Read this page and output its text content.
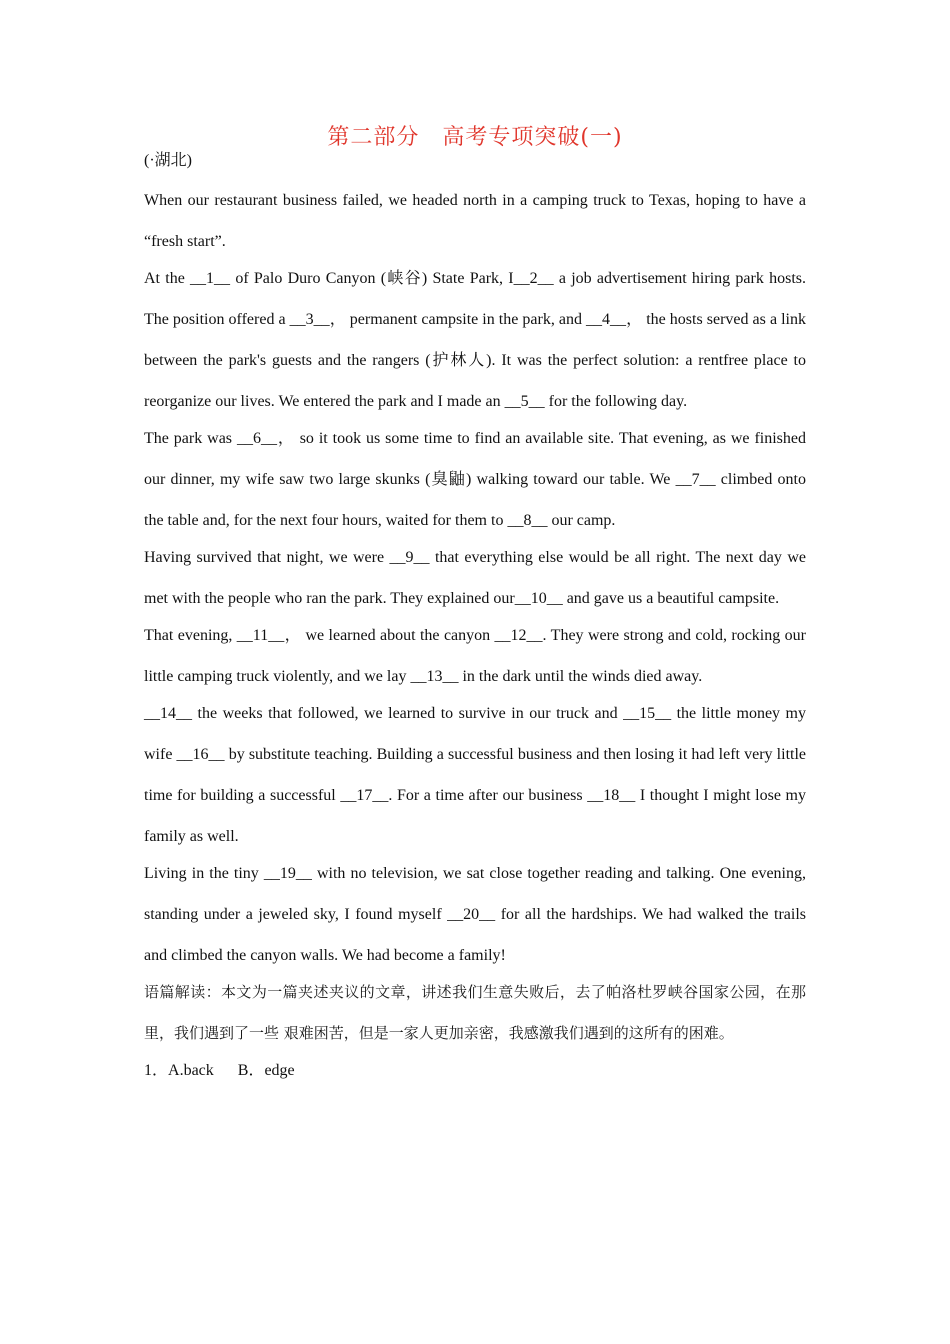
第二部分　高考专项突破(一)
(·湖北)

When our restaurant business failed, we headed north in a camping truck to Texas, hoping to have a “fresh start”.

At the __1__ of Palo Duro Canyon (峡谷) State Park, I__2__ a job advertisement hiring park hosts. The position offered a __3__， permanent campsite in the park, and __4__， the hosts served as a link between the park's guests and the rangers (护林人). It was the perfect solution: a rentfree place to reorganize our lives. We entered the park and I made an __5__ for the following day.

The park was __6__， so it took us some time to find an available site. That evening, as we finished our dinner, my wife saw two large skunks (臭鼬) walking toward our table. We __7__ climbed onto the table and, for the next four hours, waited for them to __8__ our camp.

Having survived that night, we were __9__ that everything else would be all right. The next day we met with the people who ran the park. They explained our__10__ and gave us a beautiful campsite.

That evening, __11__， we learned about the canyon __12__. They were strong and cold, rocking our little camping truck violently, and we lay __13__ in the dark until the winds died away.

__14__ the weeks that followed, we learned to survive in our truck and __15__ the little money my wife __16__ by substitute teaching. Building a successful business and then losing it had left very little time for building a successful __17__. For a time after our business __18__ I thought I might lose my family as well.

Living in the tiny __19__ with no television, we sat close together reading and talking. One evening, standing under a jeweled sky, I found myself __20__ for all the hardships. We had walked the trails and climbed the canyon walls. We had become a family!

语篇解读：本文为一篇夹述夹议的文章，讲述我们生意失败后，去了帕洛杜罗峡谷国家公园，在那里，我们遇到了一些 艰难困苦，但是一家人更加亲密，我感激我们遇到的这所有的困难。

1．A.back B．edge
